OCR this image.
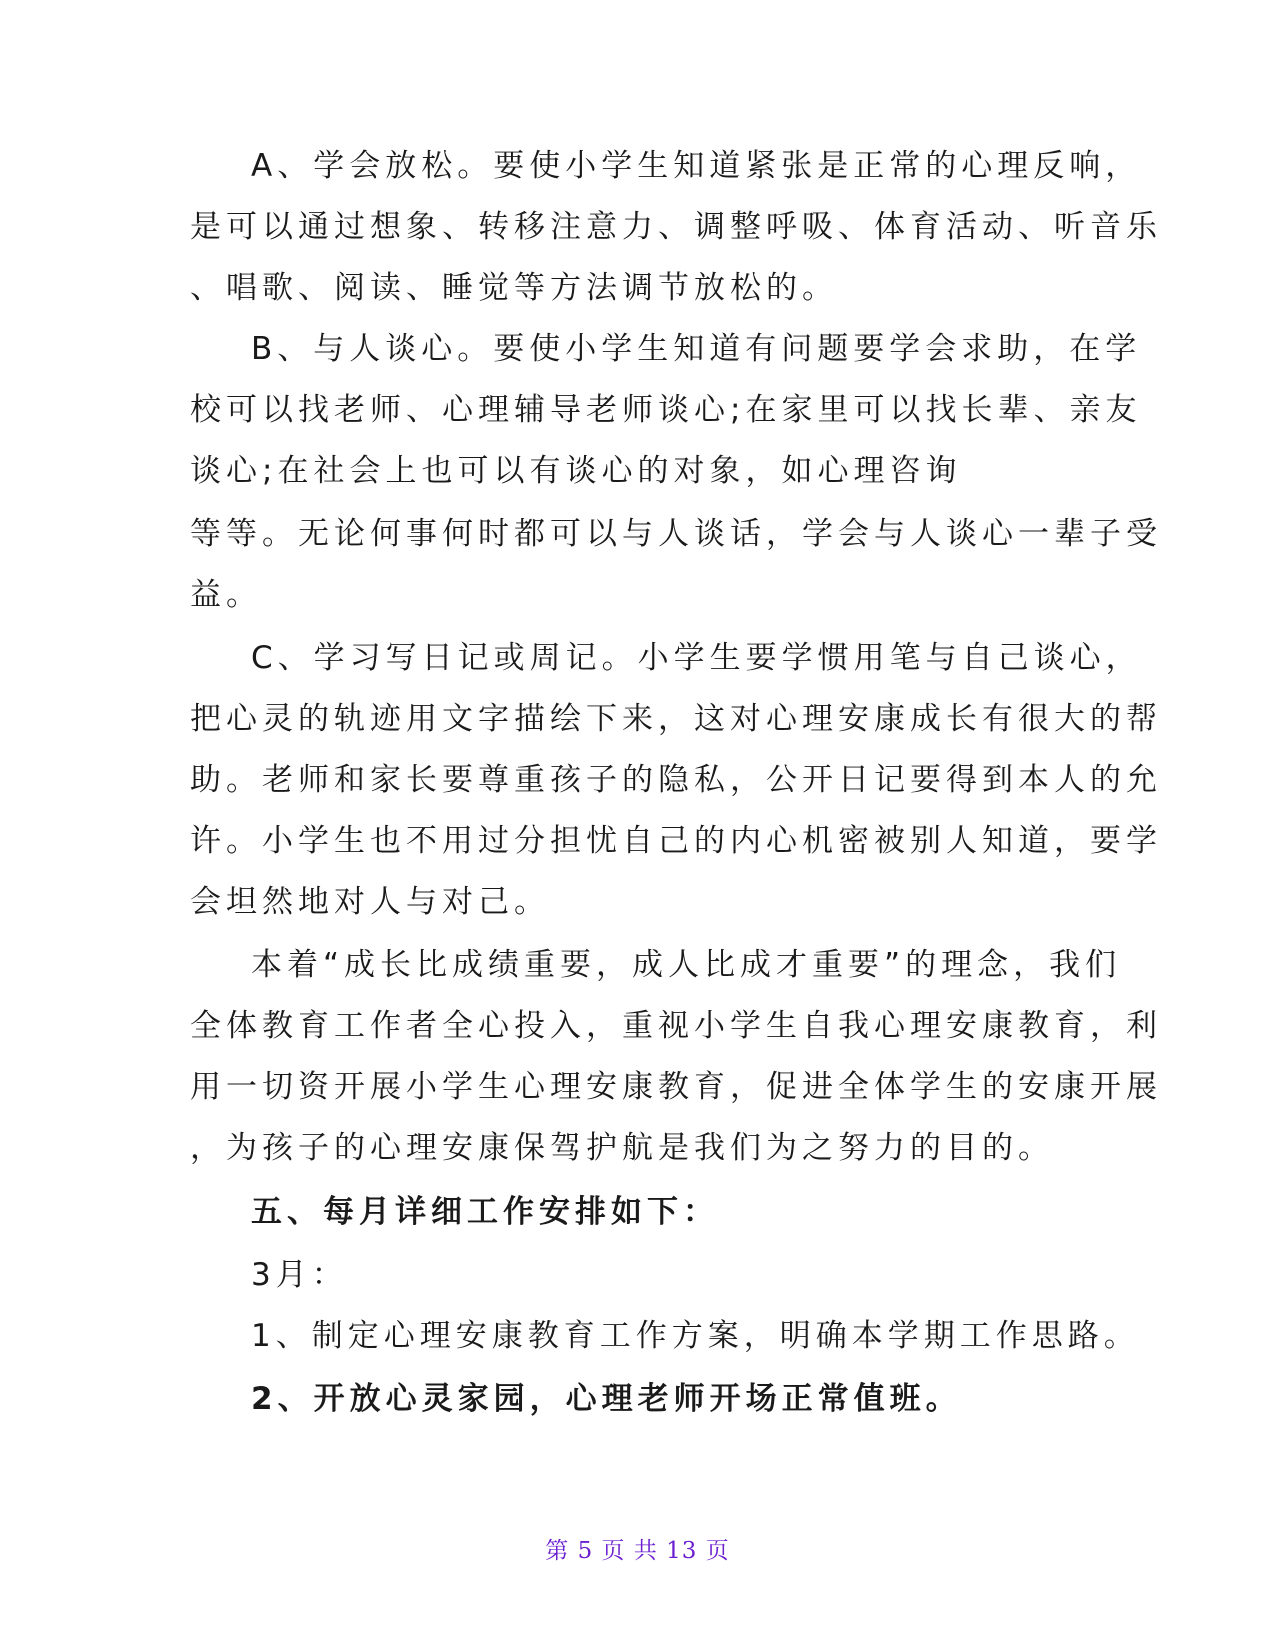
A、学会放松。要使小学生知道紧张是正常的心理反响，
是可以通过想象、转移注意力、调整呼吸、体育活动、听音乐
、唱歌、阅读、睡觉等方法调节放松的。
B、与人谈心。要使小学生知道有问题要学会求助，在学
校可以找老师、心理辅导老师谈心;在家里可以找长辈、亲友
谈心;在社会上也可以有谈心的对象，如心理咨询
等等。无论何事何时都可以与人谈话，学会与人谈心一辈子受
益。
C、学习写日记或周记。小学生要学惯用笔与自己谈心，
把心灵的轨迹用文字描绘下来，这对心理安康成长有很大的帮
助。老师和家长要尊重孩子的隐私，公开日记要得到本人的允
许。小学生也不用过分担忧自己的内心机密被别人知道，要学
会坦然地对人与对己。
本着“成长比成绩重要，成人比成才重要”的理念，我们
全体教育工作者全心投入，重视小学生自我心理安康教育，利
用一切资开展小学生心理安康教育，促进全体学生的安康开展
，为孩子的心理安康保驾护航是我们为之努力的目的。
五、每月详细工作安排如下：
3月：
1、制定心理安康教育工作方案，明确本学期工作思路。
2、开放心灵家园，心理老师开场正常值班。
第 5 页 共 13 页
